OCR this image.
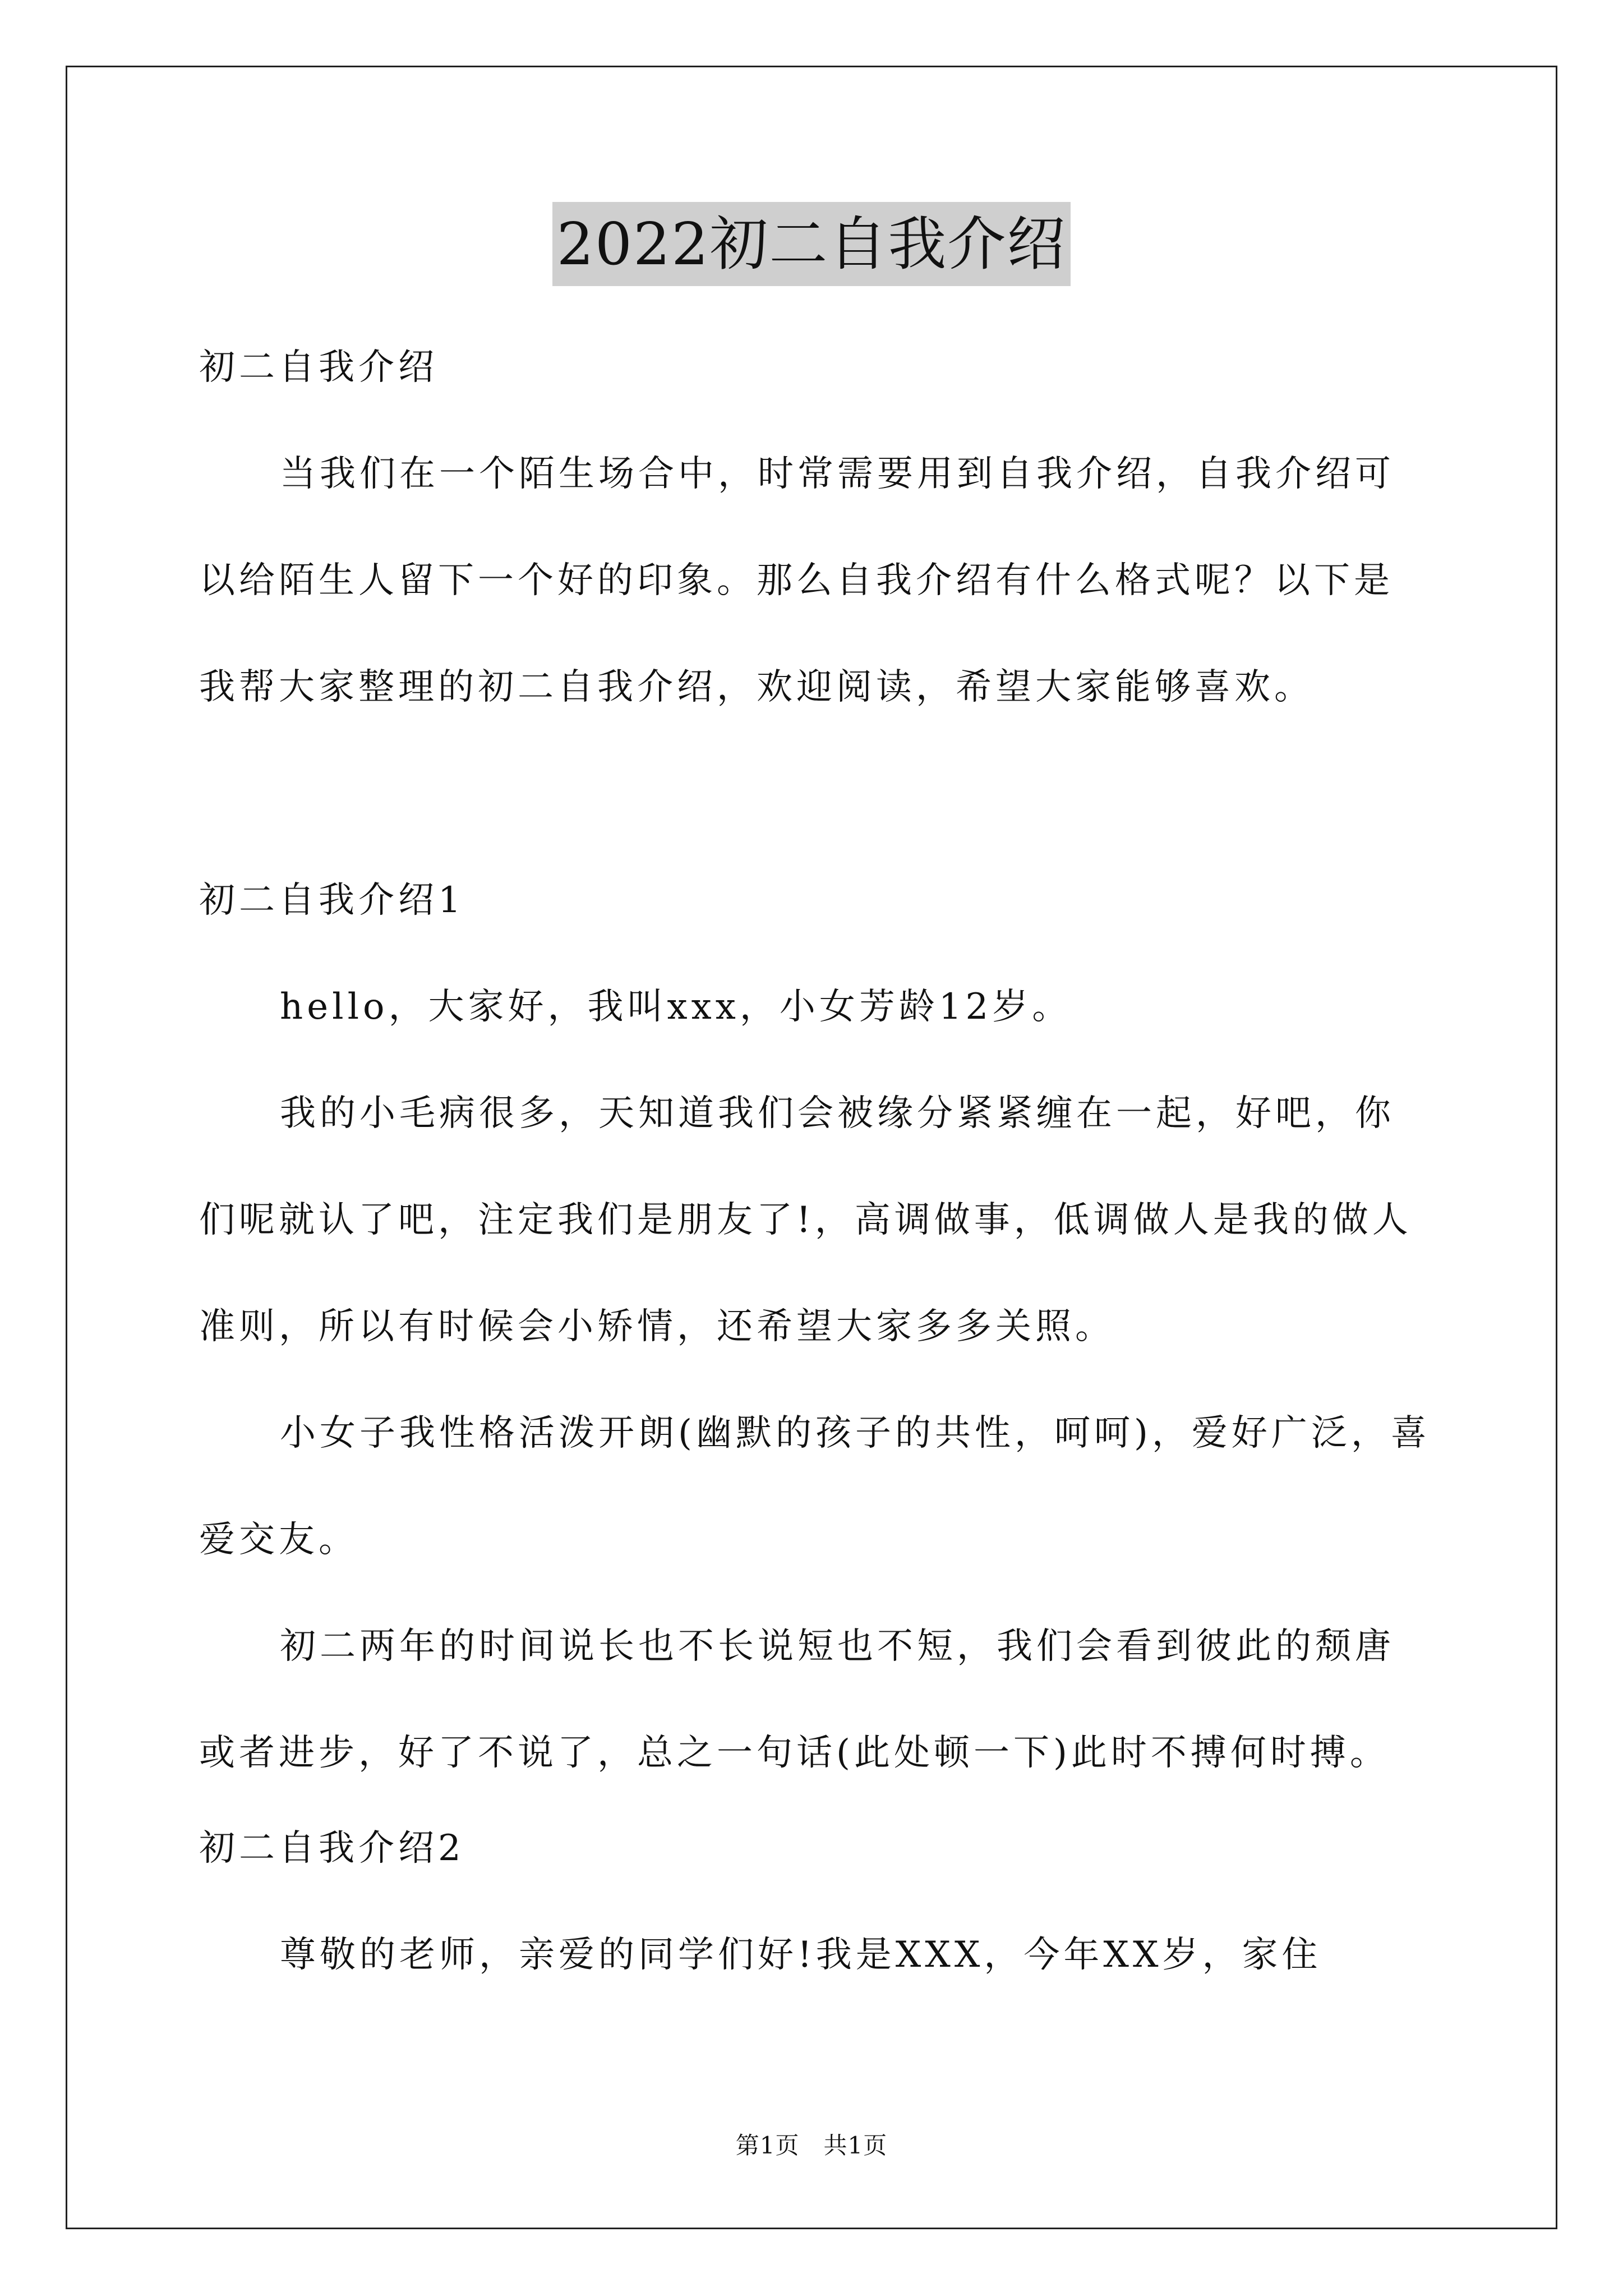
2022初二自我介绍

初二自我介绍

当我们在一个陌生场合中，时常需要用到自我介绍，自我介绍可以给陌生人留下一个好的印象。那么自我介绍有什么格式呢？以下是我帮大家整理的初二自我介绍，欢迎阅读，希望大家能够喜欢。

初二自我介绍1

hello，大家好，我叫xxx，小女芳龄12岁。

我的小毛病很多，天知道我们会被缘分紧紧缠在一起，好吧，你们呢就认了吧，注定我们是朋友了!，高调做事，低调做人是我的做人准则，所以有时候会小矫情，还希望大家多多关照。

小女子我性格活泼开朗(幽默的孩子的共性，呵呵)，爱好广泛，喜爱交友。

初二两年的时间说长也不长说短也不短，我们会看到彼此的颓唐或者进步，好了不说了，总之一句话(此处顿一下)此时不搏何时搏。

初二自我介绍2

尊敬的老师，亲爱的同学们好!我是XXX，今年XX岁，家住

第1页　共1页
